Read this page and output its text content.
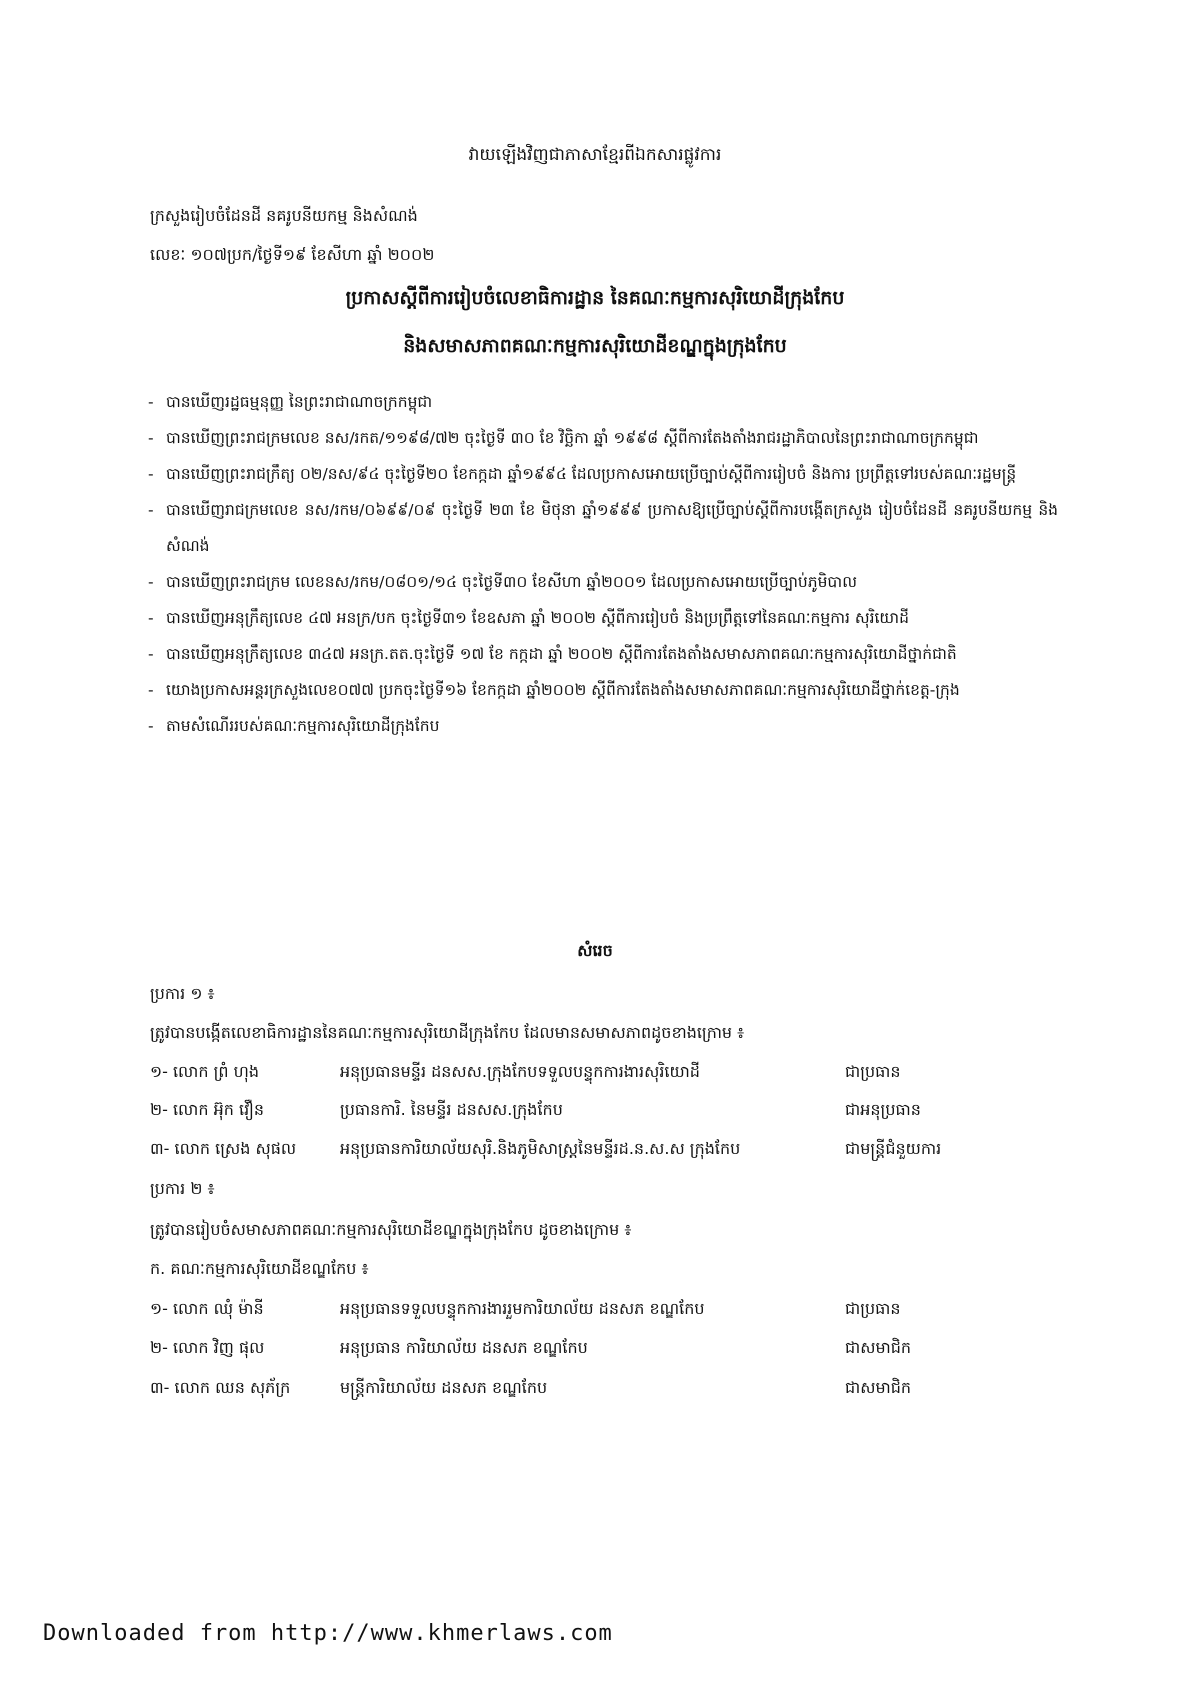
វាយឡើងវិញជាភាសាខ្មែរពីឯកសារផ្លូវការ
ក្រសួងរៀបចំដែនដី នគរូបនីយកម្ម និងសំណង់
លេខៈ ១០៧ប្រក/ថ្ងៃទី១៩ ខែសីហា ឆ្នាំ ២០០២
ប្រកាសស្តីពីការរៀបចំលេខាធិការដ្ឋាន នៃគណៈកម្មការសុរិយោដីក្រុងកែប
និងសមាសភាពគណៈកម្មការសុរិយោដីខណ្ឌក្នុងក្រុងកែប
- បានឃើញរដ្ឋធម្មនុញ្ញ នៃព្រះរាជាណាចក្រកម្ពុជា
- បានឃើញព្រះរាជក្រមលេខ នស/រកត/១១៩៨/៧២ ចុះថ្ងៃទី ៣០ ខែ វិច្ឆិកា ឆ្នាំ ១៩៩៨ ស្តីពីការតែងតាំងរាជរដ្ឋាភិបាលនៃព្រះរាជាណាចក្រកម្ពុជា
- បានឃើញព្រះរាជក្រឹត្យ ០២/នស/៩៤ ចុះថ្ងៃទី២០ ខែកក្កដា ឆ្នាំ១៩៩៤ ដែលប្រកាសអោយប្រើច្បាប់ស្តីពីការរៀបចំ និងការ ប្រព្រឹត្តទៅរបស់គណៈរដ្ឋមន្ត្រី
- បានឃើញរាជក្រមលេខ នស/រកម/០៦៩៩/០៩ ចុះថ្ងៃទី ២៣ ខែ មិថុនា ឆ្នាំ១៩៩៩ ប្រកាសឱ្យប្រើច្បាប់ស្តីពីការបង្កើតក្រសួង រៀបចំដែនដី នគរូបនីយកម្ម និងសំណង់
- បានឃើញព្រះរាជក្រម លេខនស/រកម/០៨០១/១៤ ចុះថ្ងៃទី៣០ ខែសីហា ឆ្នាំ២០០១ ដែលប្រកាសអោយប្រើច្បាប់ភូមិបាល
- បានឃើញអនុក្រឹត្យលេខ ៤៧ អនក្រ/បក ចុះថ្ងៃទី៣១ ខែឧសភា ឆ្នាំ ២០០២ ស្តីពីការរៀបចំ និងប្រព្រឹត្តទៅនៃគណៈកម្មការ សុរិយោដី
- បានឃើញអនុក្រឹត្យលេខ ៣៤៧ អនក្រ.តត.ចុះថ្ងៃទី ១៧ ខែ កក្កដា ឆ្នាំ ២០០២ ស្តីពីការតែងតាំងសមាសភាពគណៈកម្មការសុរិយោដីថ្នាក់ជាតិ
- យោងប្រកាសអន្តរក្រសួងលេខ០៧៧ ប្រកចុះថ្ងៃទី១៦ ខែកក្កដា ឆ្នាំ២០០២ ស្តីពីការតែងតាំងសមាសភាពគណៈកម្មការសុរិយោដីថ្នាក់ខេត្ត-ក្រុង
- តាមសំណើររបស់គណៈកម្មការសុរិយោដីក្រុងកែប
សំរេច
ប្រការ ១ ៖
ត្រូវបានបង្កើតលេខាធិការដ្ឋាននៃគណៈកម្មការសុរិយោដីក្រុងកែប ដែលមានសមាសភាពដូចខាងក្រោម ៖
១- លោក ព្រំ ហុង	អនុប្រធានមន្ទីរ ដនសស.ក្រុងកែបទទួលបន្ទុកការងារសុរិយោដី	ជាប្រធាន
២- លោក អ៊ុក វឿន	ប្រធានការិ. នៃមន្ទីរ ដនសស.ក្រុងកែប	ជាអនុប្រធាន
៣- លោក ស្រេង សុផល	អនុប្រធានការិយាល័យសុរិ.និងភូមិសាស្ត្រនៃមន្ទីរដ.ន.ស.ស ក្រុងកែប	ជាមន្ត្រីជំនួយការ
ប្រការ ២ ៖
ត្រូវបានរៀបចំសមាសភាពគណៈកម្មការសុរិយោដីខណ្ឌក្នុងក្រុងកែប ដូចខាងក្រោម ៖
ក. គណៈកម្មការសុរិយោដីខណ្ឌកែប ៖
១- លោក ឈុំ ម៉ានី	អនុប្រធានទទួលបន្ទុកការងាររួមការិយាល័យ ដនសភ ខណ្ឌកែប	ជាប្រធាន
២- លោក វិញ ផុល	អនុប្រធាន ការិយាល័យ ដនសភ ខណ្ឌកែប	ជាសមាជិក
៣- លោក ឈន សុភ័ក្រ	មន្ត្រីការិយាល័យ ដនសភ ខណ្ឌកែប	ជាសមាជិក
Downloaded from http://www.khmerlaws.com
